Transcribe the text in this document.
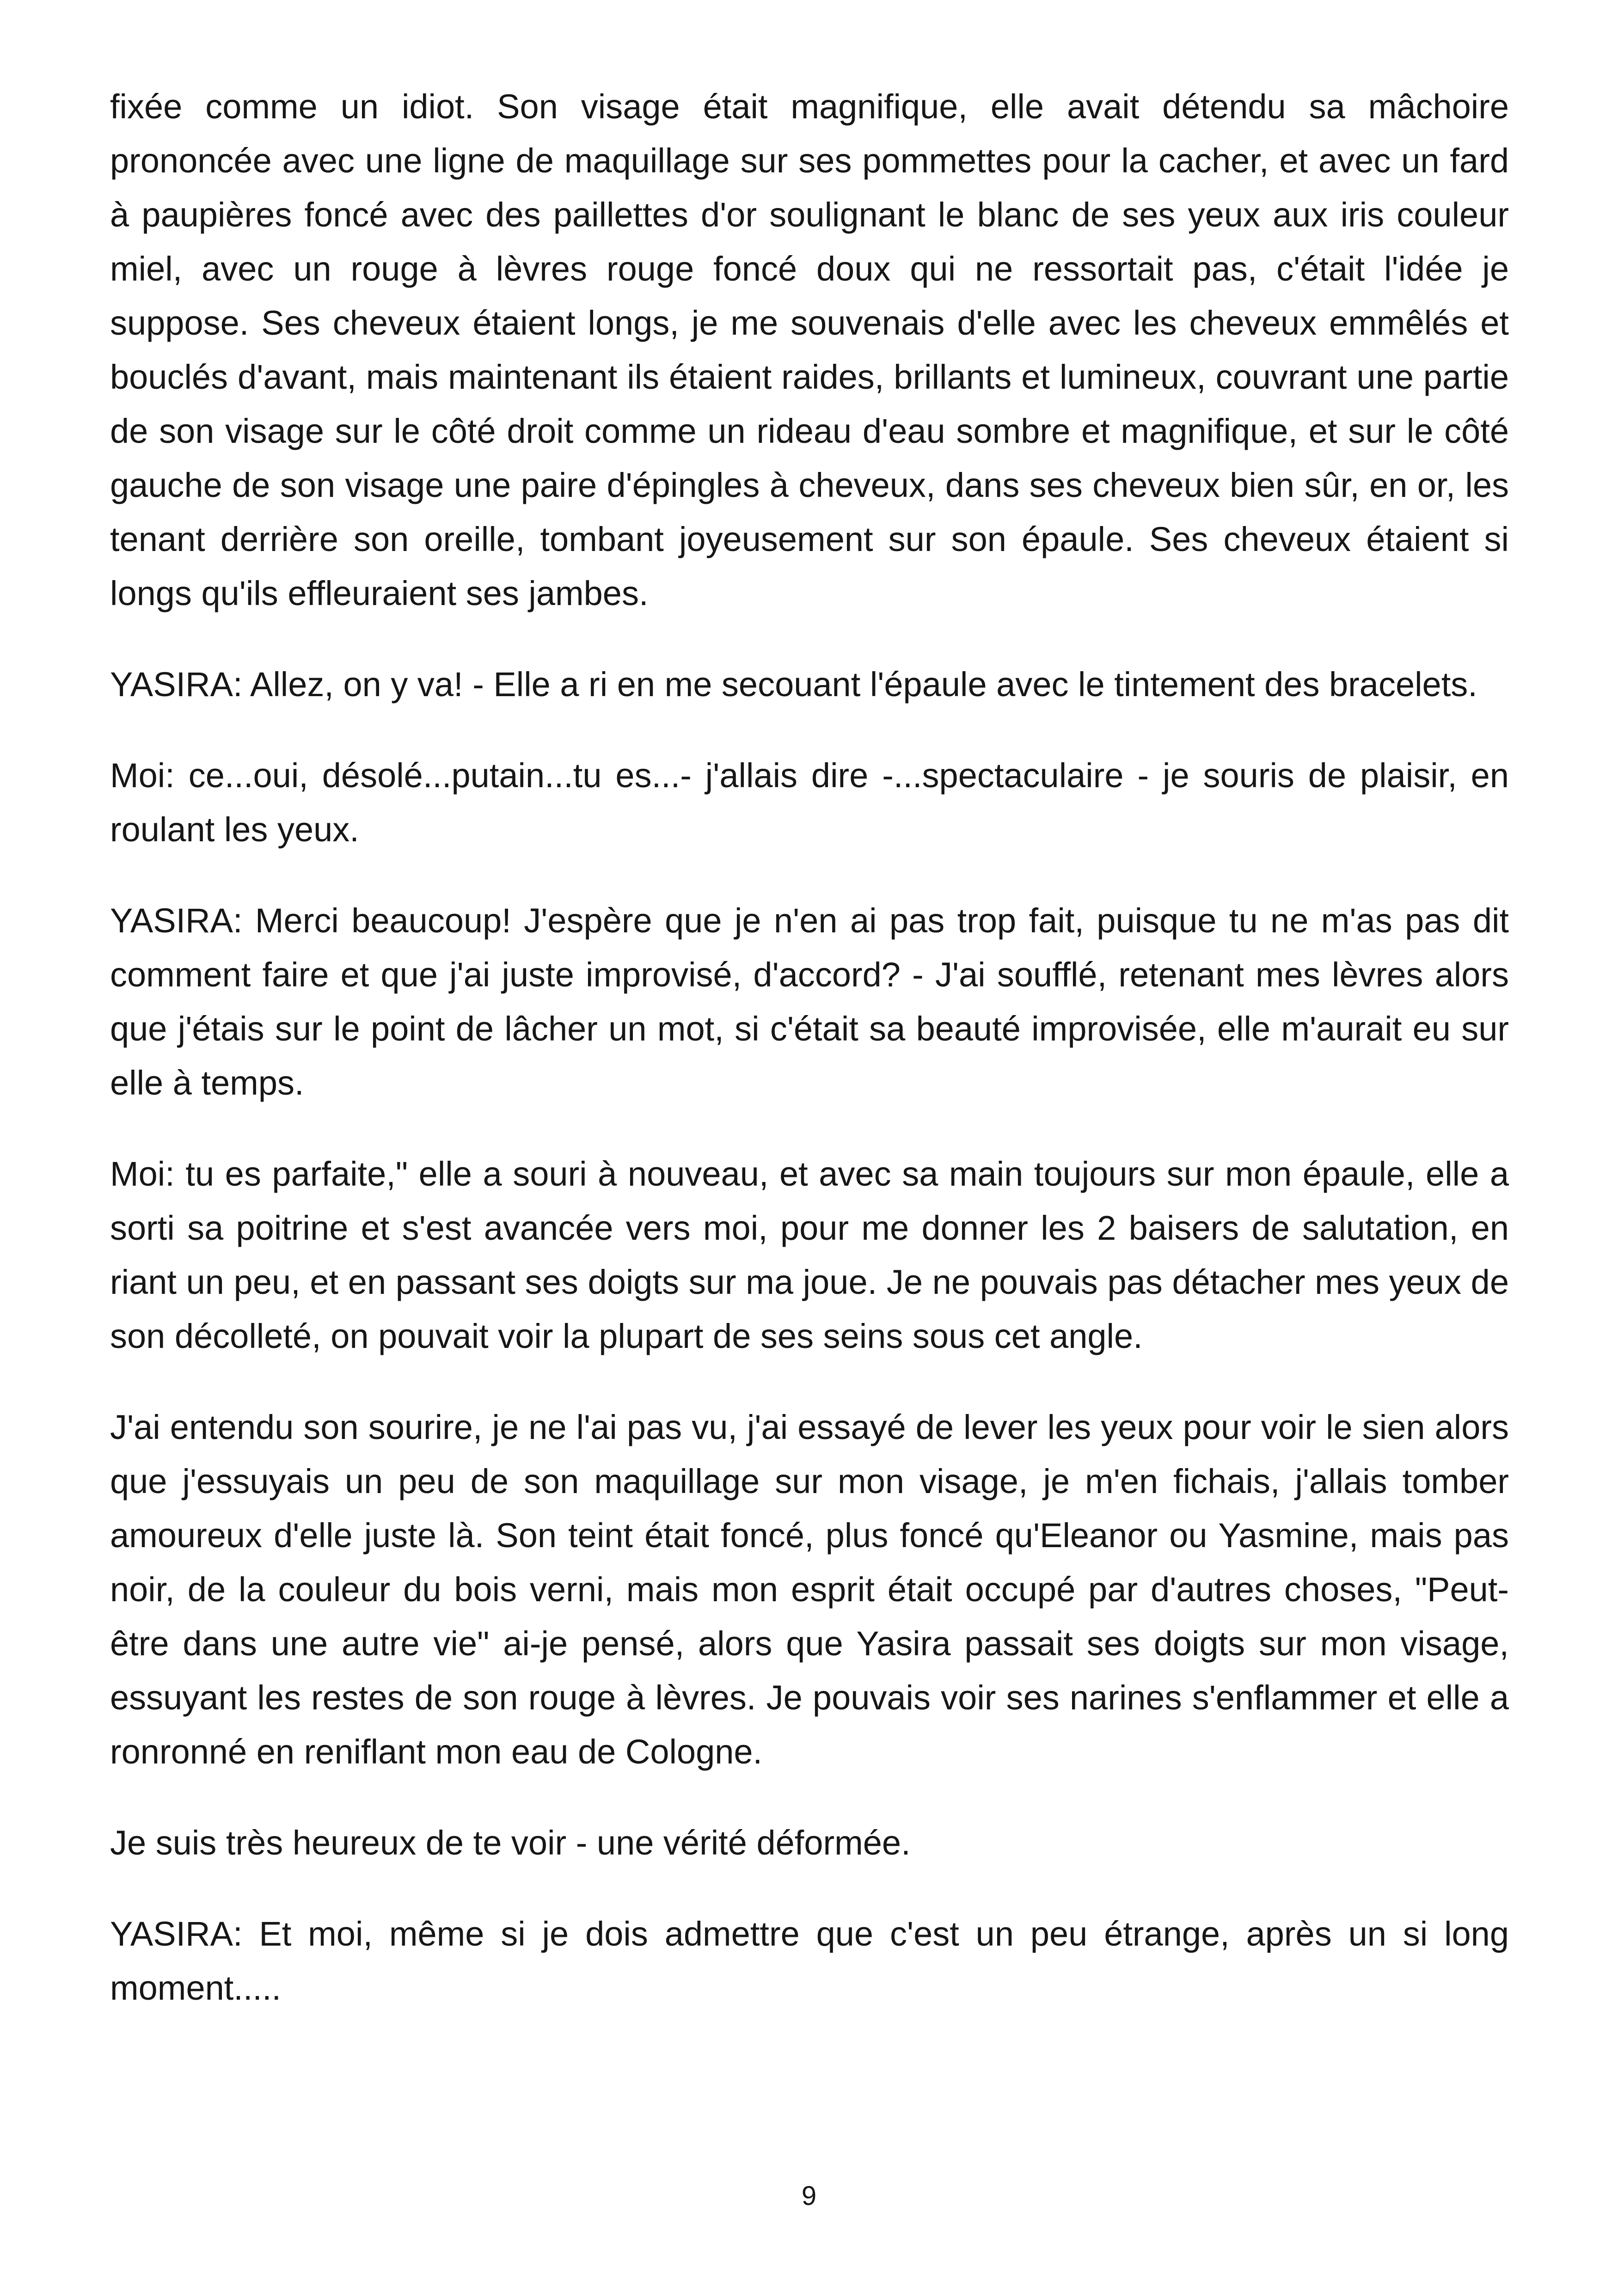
fixée comme un idiot. Son visage était magnifique, elle avait détendu sa mâchoire prononcée avec une ligne de maquillage sur ses pommettes pour la cacher, et avec un fard à paupières foncé avec des paillettes d'or soulignant le blanc de ses yeux aux iris couleur miel, avec un rouge à lèvres rouge foncé doux qui ne ressortait pas, c'était l'idée je suppose. Ses cheveux étaient longs, je me souvenais d'elle avec les cheveux emmêlés et bouclés d'avant, mais maintenant ils étaient raides, brillants et lumineux, couvrant une partie de son visage sur le côté droit comme un rideau d'eau sombre et magnifique, et sur le côté gauche de son visage une paire d'épingles à cheveux, dans ses cheveux bien sûr, en or, les tenant derrière son oreille, tombant joyeusement sur son épaule. Ses cheveux étaient si longs qu'ils effleuraient ses jambes.

YASIRA: Allez, on y va! - Elle a ri en me secouant l'épaule avec le tintement des bracelets.

Moi: ce...oui, désolé...putain...tu es...- j'allais dire -...spectaculaire - je souris de plaisir, en roulant les yeux.

YASIRA: Merci beaucoup! J'espère que je n'en ai pas trop fait, puisque tu ne m'as pas dit comment faire et que j'ai juste improvisé, d'accord? - J'ai soufflé, retenant mes lèvres alors que j'étais sur le point de lâcher un mot, si c'était sa beauté improvisée, elle m'aurait eu sur elle à temps.

Moi: tu es parfaite," elle a souri à nouveau, et avec sa main toujours sur mon épaule, elle a sorti sa poitrine et s'est avancée vers moi, pour me donner les 2 baisers de salutation, en riant un peu, et en passant ses doigts sur ma joue. Je ne pouvais pas détacher mes yeux de son décolleté, on pouvait voir la plupart de ses seins sous cet angle.

J'ai entendu son sourire, je ne l'ai pas vu, j'ai essayé de lever les yeux pour voir le sien alors que j'essuyais un peu de son maquillage sur mon visage, je m'en fichais, j'allais tomber amoureux d'elle juste là. Son teint était foncé, plus foncé qu'Eleanor ou Yasmine, mais pas noir, de la couleur du bois verni, mais mon esprit était occupé par d'autres choses, "Peut-être dans une autre vie" ai-je pensé, alors que Yasira passait ses doigts sur mon visage, essuyant les restes de son rouge à lèvres. Je pouvais voir ses narines s'enflammer et elle a ronronné en reniflant mon eau de Cologne.

Je suis très heureux de te voir - une vérité déformée.

YASIRA: Et moi, même si je dois admettre que c'est un peu étrange, après un si long moment.....

9
